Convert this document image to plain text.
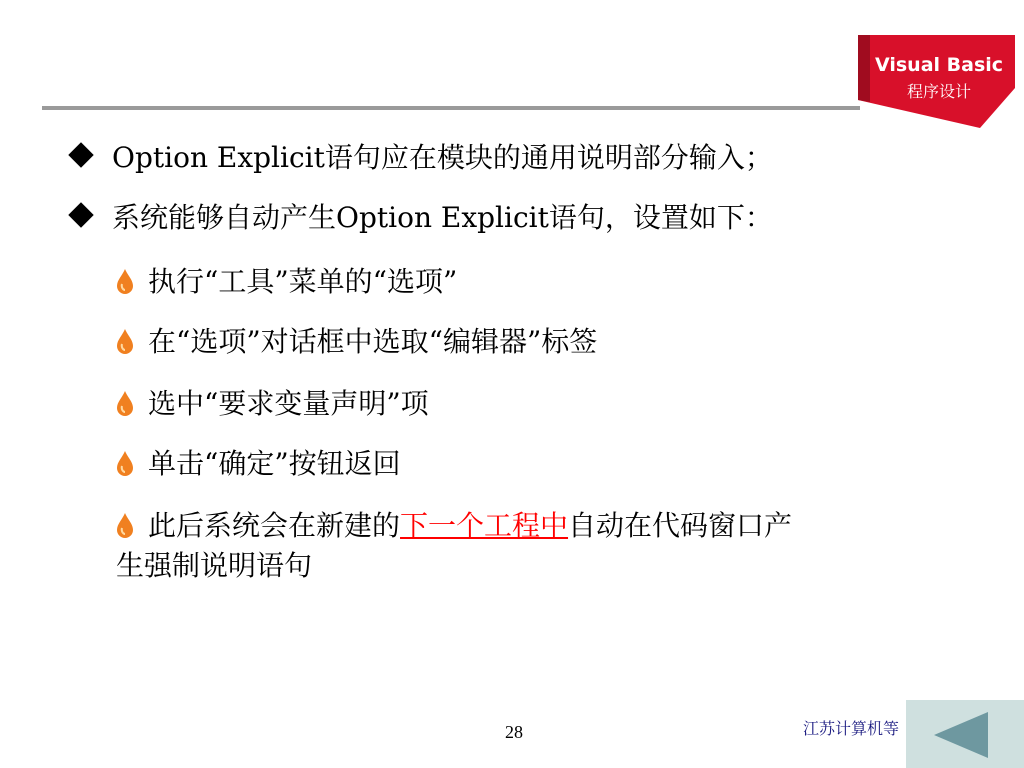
Visual Basic
程序设计
Option Explicit语句应在模块的通用说明部分输入；
系统能够自动产生Option Explicit语句，设置如下：
执行“工具”菜单的“选项”
在“选项”对话框中选取“编辑器”标签
选中“要求变量声明”项
单击“确定”按钮返回
此后系统会在新建的下一个工程中自动在代码窗口产
生强制说明语句
28	江苏计算机等
